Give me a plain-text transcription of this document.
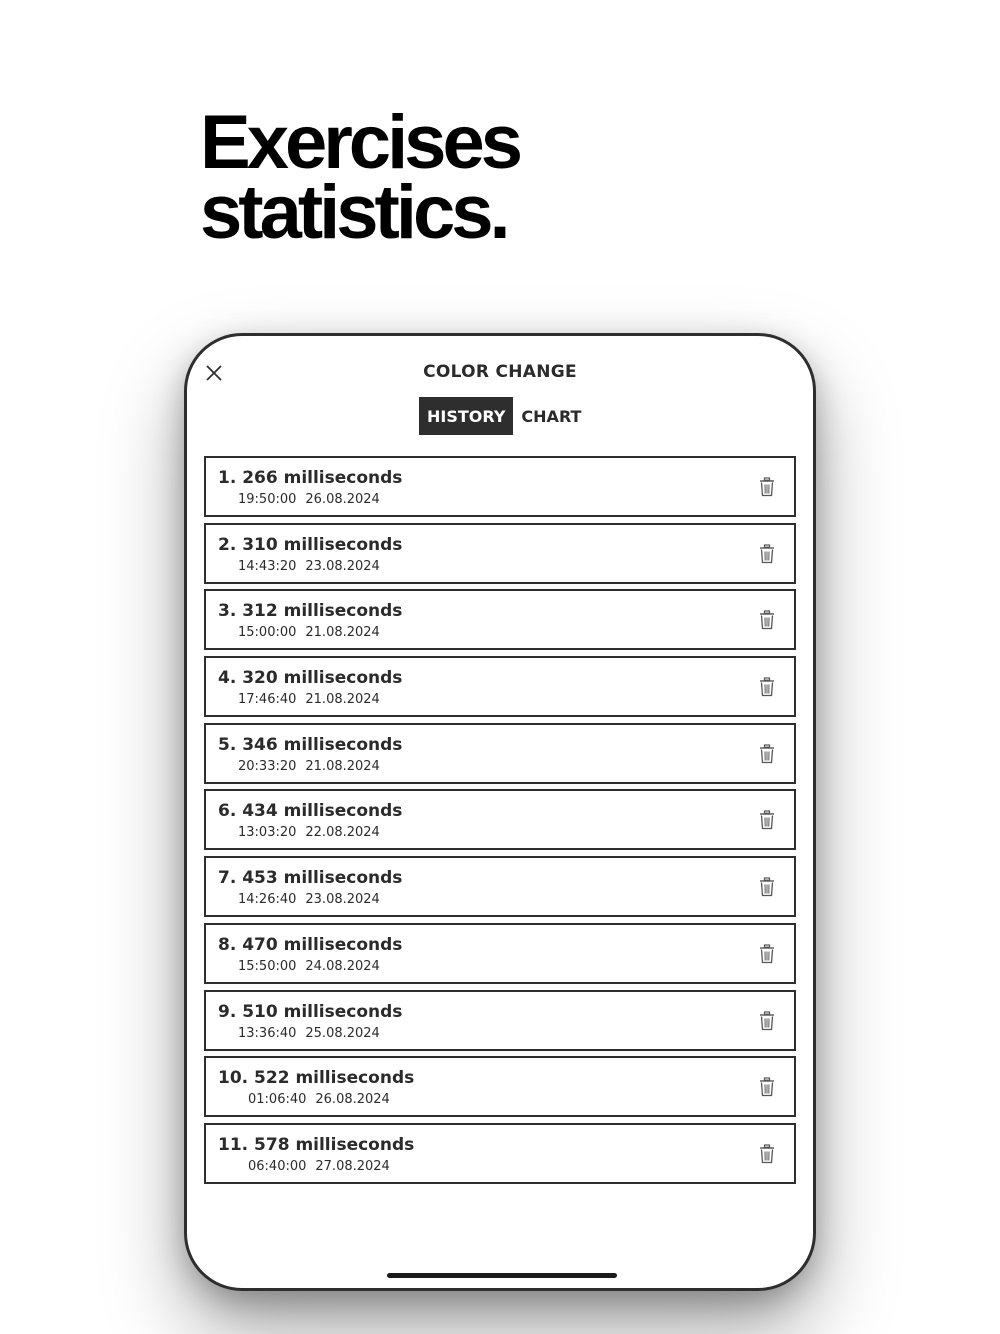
Exercises
statistics.
COLOR CHANGE
HISTORY	CHART
1. 266 milliseconds
19:50:00 26.08.2024
2. 310 milliseconds
14:43:20 23.08.2024
3. 312 milliseconds
15:00:00 21.08.2024
4. 320 milliseconds
17:46:40 21.08.2024
5. 346 milliseconds
20:33:20 21.08.2024
6. 434 milliseconds
13:03:20 22.08.2024
7. 453 milliseconds
14:26:40 23.08.2024
8. 470 milliseconds
15:50:00 24.08.2024
9. 510 milliseconds
13:36:40 25.08.2024
10. 522 milliseconds
01:06:40 26.08.2024
11. 578 milliseconds
06:40:00 27.08.2024
